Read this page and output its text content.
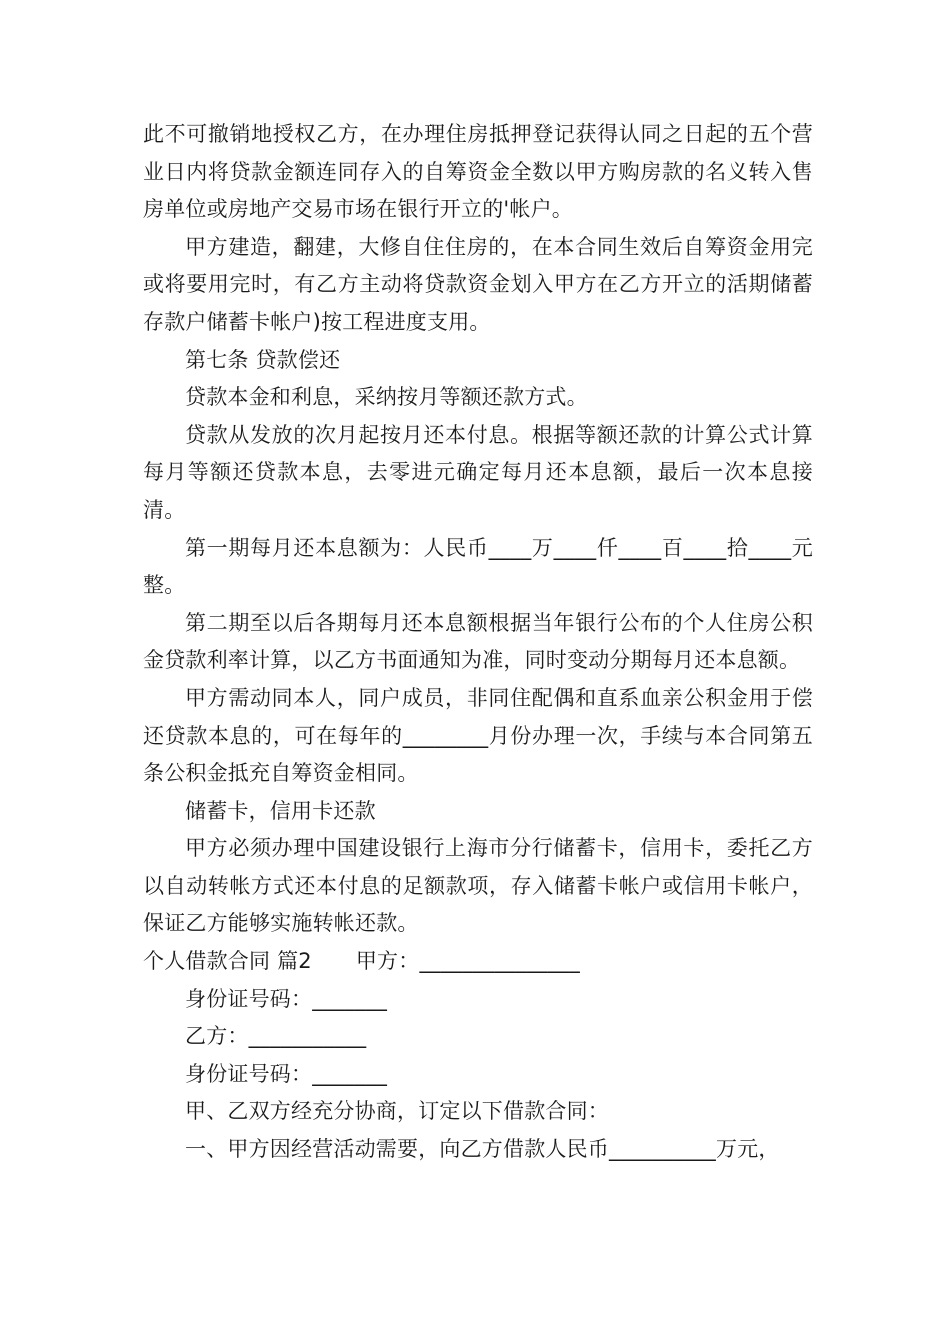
此不可撤销地授权乙方，在办理住房抵押登记获得认同之日起的五个营业日内将贷款金额连同存入的自筹资金全数以甲方购房款的名义转入售房单位或房地产交易市场在银行开立的'帐户。

甲方建造，翻建，大修自住住房的，在本合同生效后自筹资金用完或将要用完时，有乙方主动将贷款资金划入甲方在乙方开立的活期储蓄存款户储蓄卡帐户)按工程进度支用。

第七条 贷款偿还

贷款本金和利息，采纳按月等额还款方式。

贷款从发放的次月起按月还本付息。根据等额还款的计算公式计算每月等额还贷款本息，去零进元确定每月还本息额，最后一次本息接清。

第一期每月还本息额为：人民币____万____仟____百____拾____元整。

第二期至以后各期每月还本息额根据当年银行公布的个人住房公积金贷款利率计算，以乙方书面通知为准，同时变动分期每月还本息额。

甲方需动同本人，同户成员，非同住配偶和直系血亲公积金用于偿还贷款本息的，可在每年的________月份办理一次，手续与本合同第五条公积金抵充自筹资金相同。

储蓄卡，信用卡还款

甲方必须办理中国建设银行上海市分行储蓄卡，信用卡，委托乙方以自动转帐方式还本付息的足额款项，存入储蓄卡帐户或信用卡帐户，保证乙方能够实施转帐还款。

个人借款合同 篇2 甲方：_______________

身份证号码：_______

乙方：___________

身份证号码：_______

甲、乙双方经充分协商，订定以下借款合同：

一、甲方因经营活动需要，向乙方借款人民币__________万元，
